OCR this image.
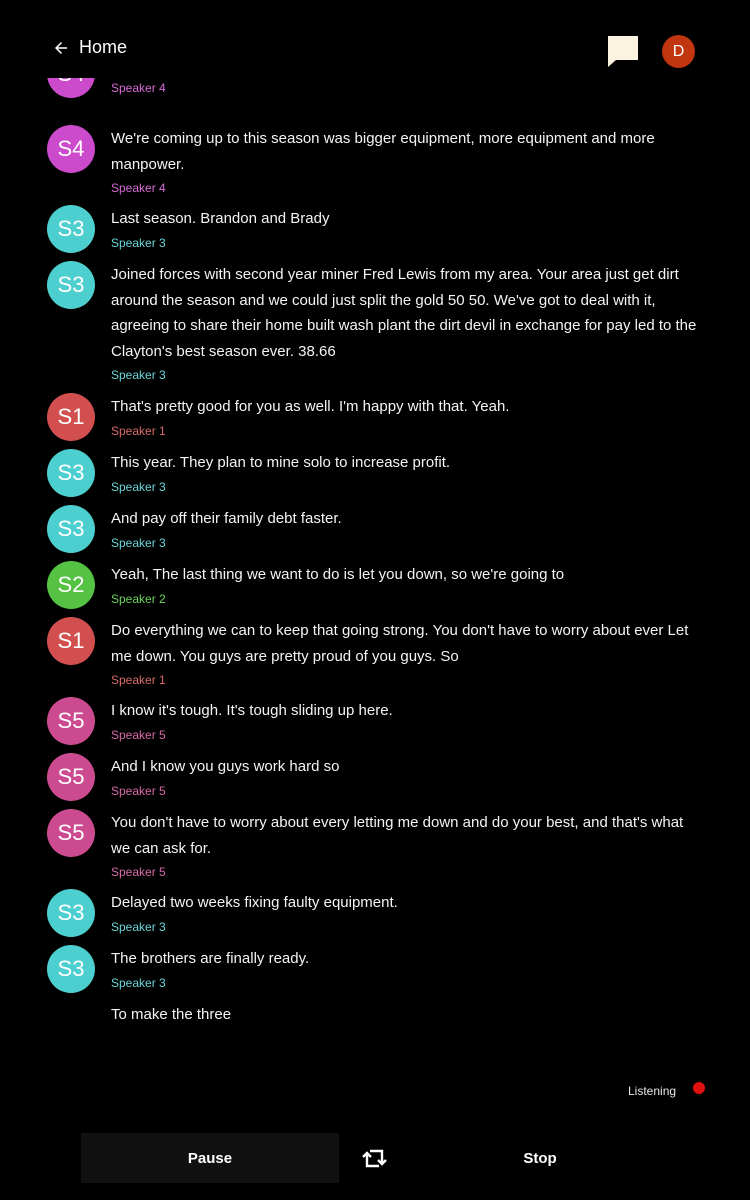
Home	D
Speaker 4
S4	We're coming up to this season was bigger equipment, more equipment and more manpower.
Speaker 4
S3	Last season. Brandon and Brady
Speaker 3
S3	Joined forces with second year miner Fred Lewis from my area. Your area just get dirt around the season and we could just split the gold 50 50. We've got to deal with it, agreeing to share their home built wash plant the dirt devil in exchange for pay led to the Clayton's best season ever. 38.66
Speaker 3
S1	That's pretty good for you as well. I'm happy with that. Yeah.
Speaker 1
S3	This year. They plan to mine solo to increase profit.
Speaker 3
S3	And pay off their family debt faster.
Speaker 3
S2	Yeah, The last thing we want to do is let you down, so we're going to
Speaker 2
S1	Do everything we can to keep that going strong. You don't have to worry about ever Let me down. You guys are pretty proud of you guys. So
Speaker 1
S5	I know it's tough. It's tough sliding up here.
Speaker 5
S5	And I know you guys work hard so
Speaker 5
S5	You don't have to worry about every letting me down and do your best, and that's what we can ask for.
Speaker 5
S3	Delayed two weeks fixing faulty equipment.
Speaker 3
S3	The brothers are finally ready.
Speaker 3
To make the three
Listening
Pause	Stop
